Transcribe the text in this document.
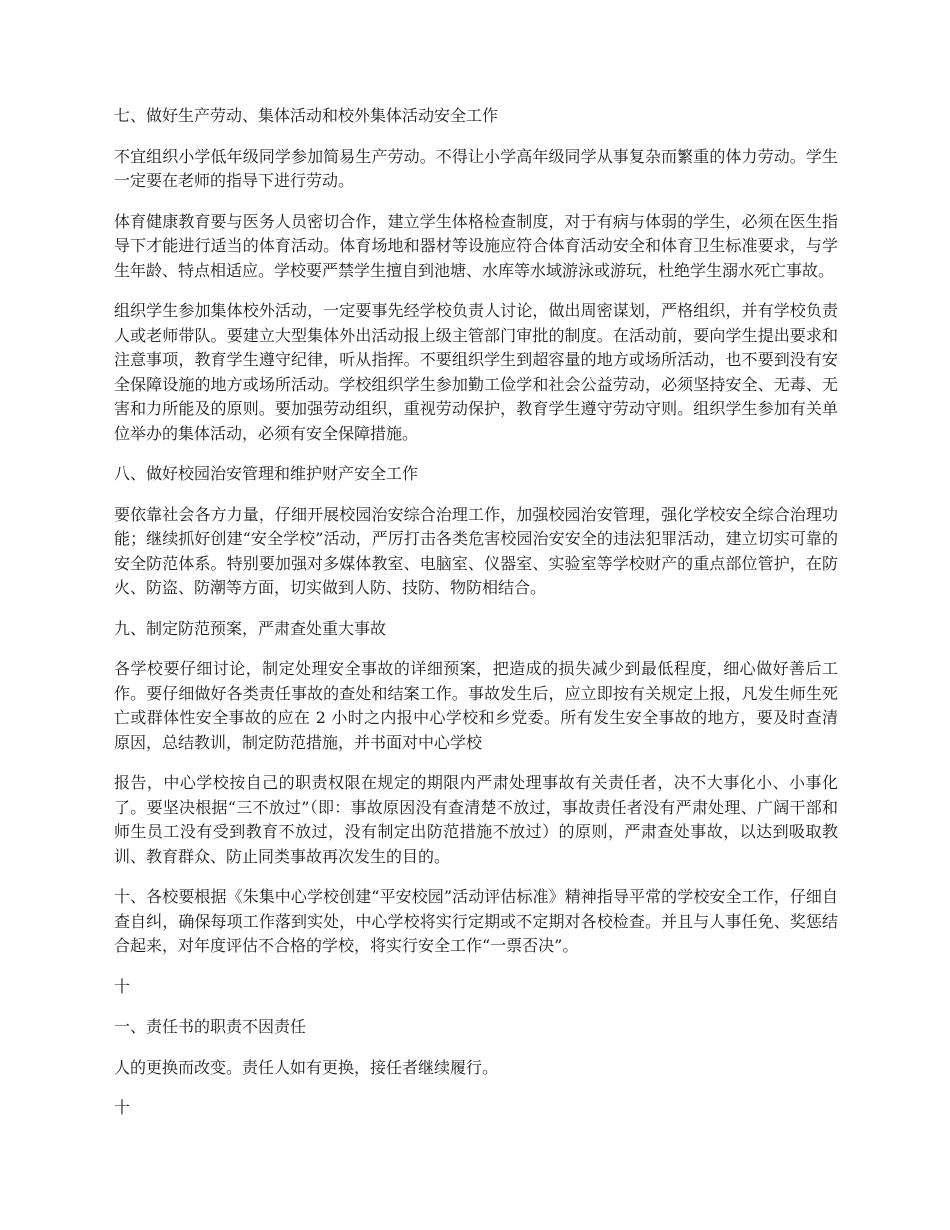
七、做好生产劳动、集体活动和校外集体活动安全工作

不宜组织小学低年级同学参加简易生产劳动。不得让小学高年级同学从事复杂而繁重的体力劳动。学生一定要在老师的指导下进行劳动。

体育健康教育要与医务人员密切合作，建立学生体格检查制度，对于有病与体弱的学生，必须在医生指导下才能进行适当的体育活动。体育场地和器材等设施应符合体育活动安全和体育卫生标准要求，与学生年龄、特点相适应。学校要严禁学生擅自到池塘、水库等水域游泳或游玩，杜绝学生溺水死亡事故。

组织学生参加集体校外活动，一定要事先经学校负责人讨论，做出周密谋划，严格组织，并有学校负责人或老师带队。要建立大型集体外出活动报上级主管部门审批的制度。在活动前，要向学生提出要求和注意事项，教育学生遵守纪律，听从指挥。不要组织学生到超容量的地方或场所活动，也不要到没有安全保障设施的地方或场所活动。学校组织学生参加勤工俭学和社会公益劳动，必须坚持安全、无毒、无害和力所能及的原则。要加强劳动组织，重视劳动保护，教育学生遵守劳动守则。组织学生参加有关单位举办的集体活动，必须有安全保障措施。

八、做好校园治安管理和维护财产安全工作

要依靠社会各方力量，仔细开展校园治安综合治理工作，加强校园治安管理，强化学校安全综合治理功能；继续抓好创建“安全学校”活动，严厉打击各类危害校园治安安全的违法犯罪活动，建立切实可靠的安全防范体系。特别要加强对多媒体教室、电脑室、仪器室、实验室等学校财产的重点部位管护，在防火、防盗、防潮等方面，切实做到人防、技防、物防相结合。

九、制定防范预案，严肃查处重大事故

各学校要仔细讨论，制定处理安全事故的详细预案，把造成的损失减少到最低程度，细心做好善后工作。要仔细做好各类责任事故的查处和结案工作。事故发生后，应立即按有关规定上报，凡发生师生死亡或群体性安全事故的应在 2 小时之内报中心学校和乡党委。所有发生安全事故的地方，要及时查清原因，总结教训，制定防范措施，并书面对中心学校

报告，中心学校按自己的职责权限在规定的期限内严肃处理事故有关责任者，决不大事化小、小事化了。要坚决根据“三不放过”（即：事故原因没有查清楚不放过，事故责任者没有严肃处理、广阔干部和师生员工没有受到教育不放过，没有制定出防范措施不放过）的原则，严肃查处事故，以达到吸取教训、教育群众、防止同类事故再次发生的目的。

十、各校要根据《朱集中心学校创建“平安校园”活动评估标准》精神指导平常的学校安全工作，仔细自查自纠，确保每项工作落到实处，中心学校将实行定期或不定期对各校检查。并且与人事任免、奖惩结合起来，对年度评估不合格的学校，将实行安全工作“一票否决”。

十

一、责任书的职责不因责任

人的更换而改变。责任人如有更换，接任者继续履行。

十
